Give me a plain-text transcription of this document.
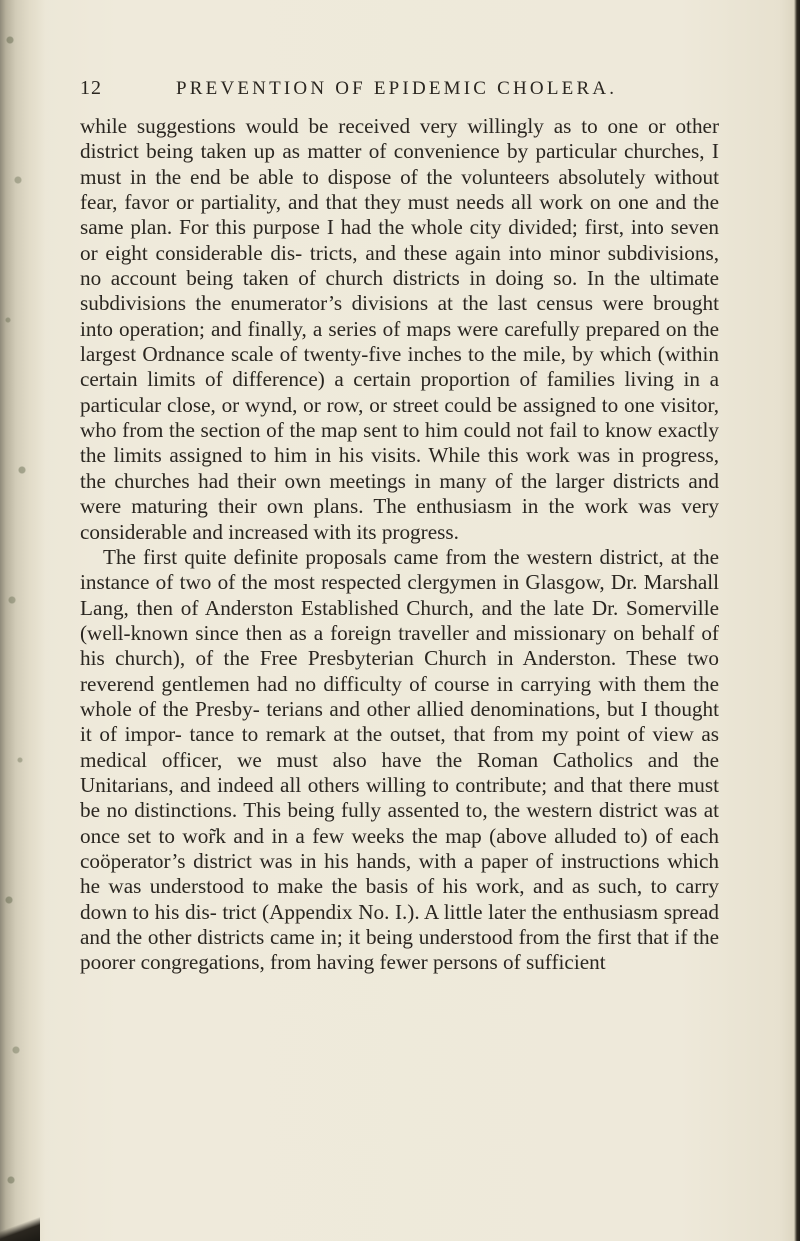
12	PREVENTION OF EPIDEMIC CHOLERA.

while suggestions would be received very willingly as to one or other district being taken up as matter of convenience by particular churches, I must in the end be able to dispose of the volunteers absolutely without fear, favor or partiality, and that they must needs all work on one and the same plan. For this purpose I had the whole city divided; first, into seven or eight considerable dis- tricts, and these again into minor subdivisions, no account being taken of church districts in doing so. In the ultimate subdivisions the enumerator’s divisions at the last census were brought into operation; and finally, a series of maps were carefully prepared on the largest Ordnance scale of twenty-five inches to the mile, by which (within certain limits of difference) a certain proportion of families living in a particular close, or wynd, or row, or street could be assigned to one visitor, who from the section of the map sent to him could not fail to know exactly the limits assigned to him in his visits. While this work was in progress, the churches had their own meetings in many of the larger districts and were maturing their own plans. The enthusiasm in the work was very considerable and increased with its progress.

The first quite definite proposals came from the western district, at the instance of two of the most respected clergymen in Glasgow, Dr. Marshall Lang, then of Anderston Established Church, and the late Dr. Somerville (well-known since then as a foreign traveller and missionary on behalf of his church), of the Free Presbyterian Church in Anderston. These two reverend gentlemen had no difficulty of course in carrying with them the whole of the Presby- terians and other allied denominations, but I thought it of impor- tance to remark at the outset, that from my point of view as medical officer, we must also have the Roman Catholics and the Unitarians, and indeed all others willing to contribute; and that there must be no distinctions. This being fully assented to, the western district was at once set to wor̃k and in a few weeks the map (above alluded to) of each coöperator’s district was in his hands, with a paper of instructions which he was understood to make the basis of his work, and as such, to carry down to his dis- trict (Appendix No. I.). A little later the enthusiasm spread and the other districts came in; it being understood from the first that if the poorer congregations, from having fewer persons of sufficient
